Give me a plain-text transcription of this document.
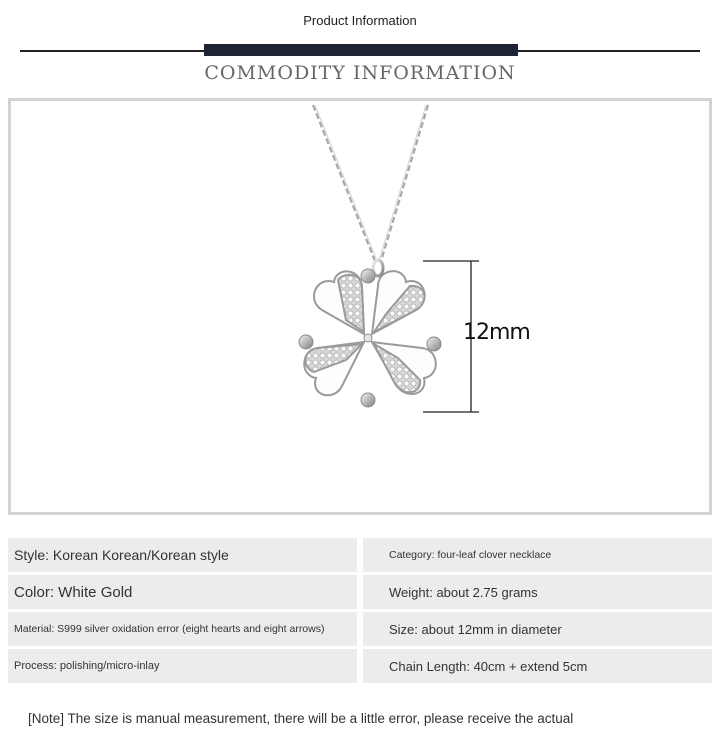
Product Information
COMMODITY INFORMATION
12mm
Style: Korean Korean/Korean style	Category: four-leaf clover necklace
Color: White Gold	Weight: about 2.75 grams
Material: S999 silver oxidation error (eight hearts and eight arrows)	Size: about 12mm in diameter
Process: polishing/micro-inlay	Chain Length: 40cm + extend 5cm
[Note] The size is manual measurement, there will be a little error, please receive the actual
